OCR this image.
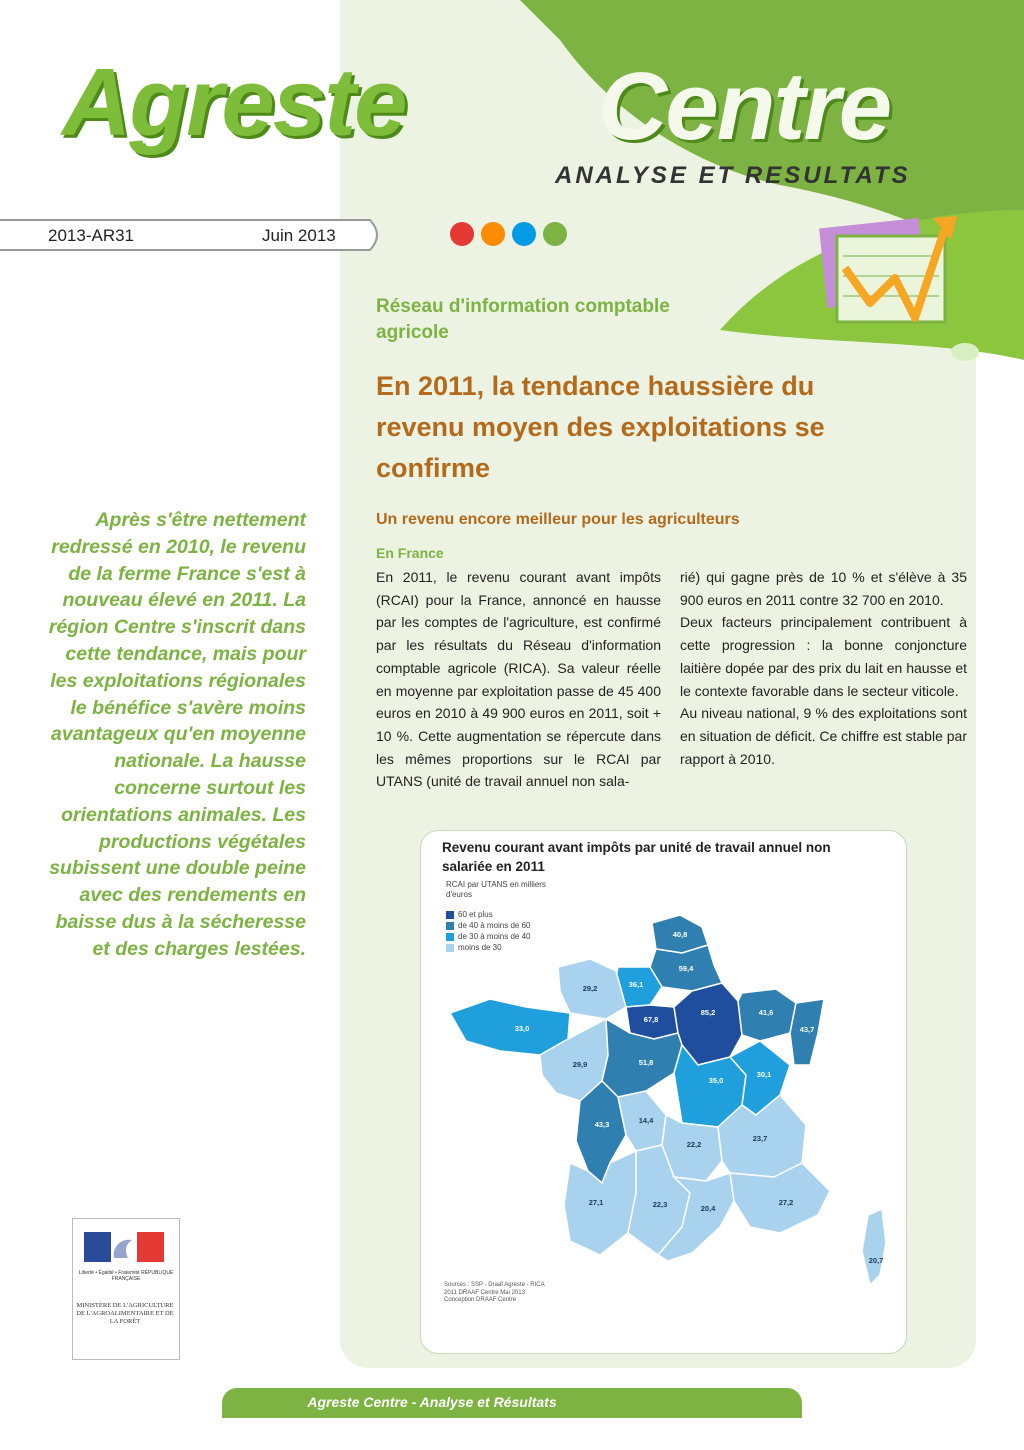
Agreste Centre
ANALYSE ET RESULTATS
2013-AR31	Juin 2013
Réseau d'information comptable agricole
En 2011, la tendance haussière du revenu moyen des exploitations se confirme
Un revenu encore meilleur pour les agriculteurs
En France

En 2011, le revenu courant avant impôts (RCAI) pour la France, annoncé en hausse par les comptes de l'agriculture, est confirmé par les résultats du Réseau d'information comptable agricole (RICA). Sa valeur réelle en moyenne par exploitation passe de 45 400 euros en 2010 à 49 900 euros en 2011, soit + 10 %. Cette augmentation se répercute dans les mêmes proportions sur le RCAI par UTANS (unité de travail annuel non sala-

rié) qui gagne près de 10 % et s'élève à 35 900 euros en 2011 contre 32 700 en 2010.

Deux facteurs principalement contribuent à cette progression : la bonne conjoncture laitière dopée par des prix du lait en hausse et le contexte favorable dans le secteur viticole.

Au niveau national, 9 % des exploitations sont en situation de déficit. Ce chiffre est stable par rapport à 2010.

Après s'être nettement redressé en 2010, le revenu de la ferme France s'est à nouveau élevé en 2011. La région Centre s'inscrit dans cette tendance, mais pour les exploitations régionales le bénéfice s'avère moins avantageux qu'en moyenne nationale. La hausse concerne surtout les orientations animales. Les productions végétales subissent une double peine avec des rendements en baisse dus à la sécheresse et des charges lestées.
Revenu courant avant impôts par unité de travail annuel non salariée en 2011
RCAI par UTANS en milliers d'euros
60 et plus
de 40 à moins de 60
de 30 à moins de 40
moins de 30
40,8
59,4
36,1
29,2
33,0
67,8
85,2	41,6
43,7
29,9	51,8
35,0
30,1
43,3	14,4
22,2
23,7
27,1	22,3	20,4
27,2
20,7
Sources : SSP - Draaf Agreste - RICA 2011 DRAAF Centre Mai 2013 Conception DRAAF Centre
Liberté • Égalité • Fraternité RÉPUBLIQUE FRANÇAISE
MINISTÈRE DE L'AGRICULTURE DE L'AGROALIMENTAIRE ET DE LA FORÊT
Agreste Centre - Analyse et Résultats
